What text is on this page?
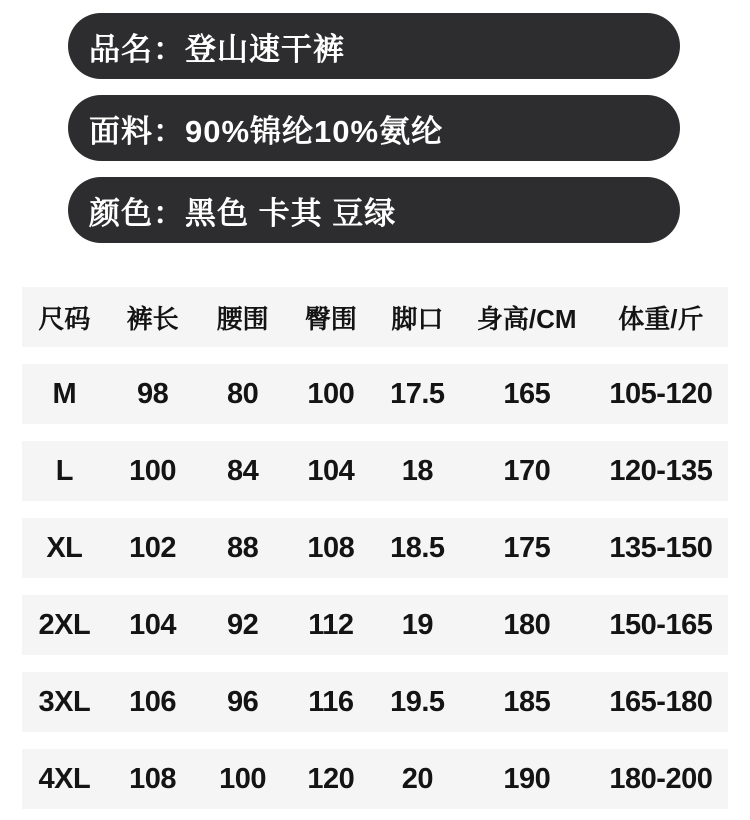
品名：登山速干裤
面料：90%锦纶10%氨纶
颜色：黑色 卡其 豆绿
尺码	裤长	腰围	臀围	脚口	身高/CM	体重/斤
M	98	80	100	17.5	165	105-120
L	100	84	104	18	170	120-135
XL	102	88	108	18.5	175	135-150
2XL	104	92	112	19	180	150-165
3XL	106	96	116	19.5	185	165-180
4XL	108	100	120	20	190	180-200
